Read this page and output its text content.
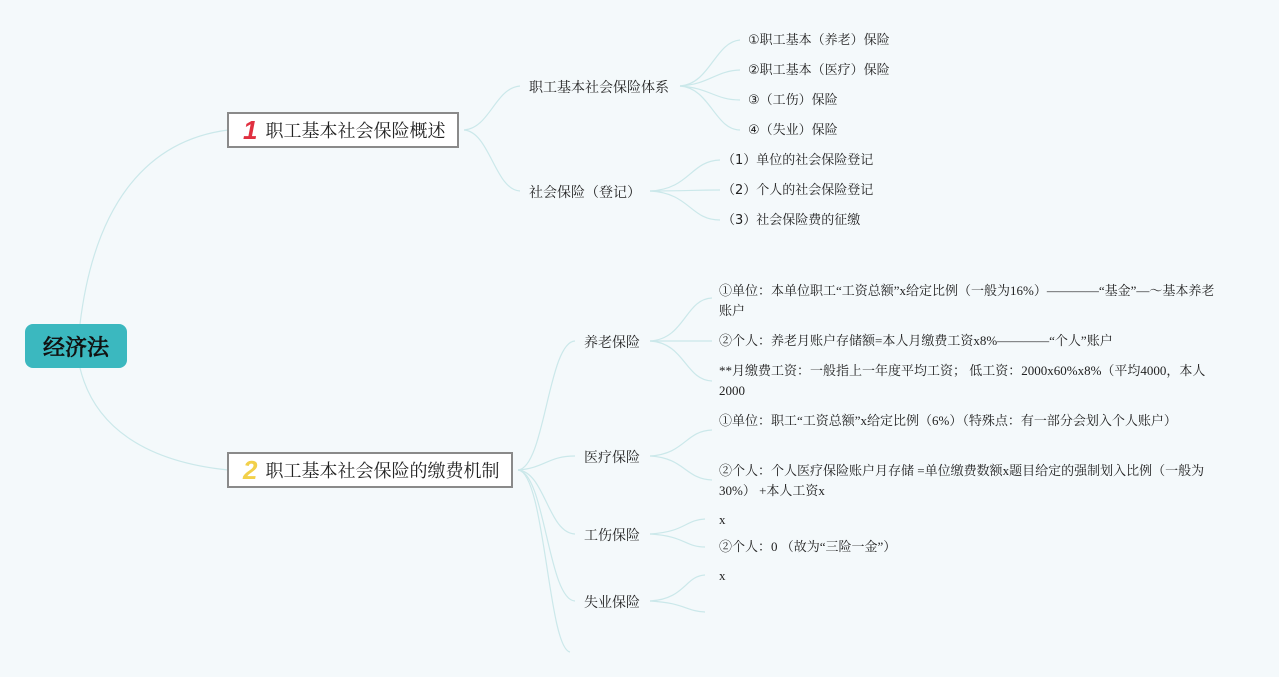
经济法
1 职工基本社会保险概述
职工基本社会保险体系
①职工基本（养老）保险
②职工基本（医疗）保险
③（工伤）保险
④（失业）保险
社会保险（登记）
（1）单位的社会保险登记
（2）个人的社会保险登记
（3）社会保险费的征缴
2 职工基本社会保险的缴费机制
养老保险
①单位：本单位职工“工资总额”x给定比例（一般为16%）————“基金”—～基本养老账户
②个人：养老月账户存储额=本人月缴费工资x8%————“个人”账户
**月缴费工资：一般指上一年度平均工资； 低工资：2000x60%x8%（平均4000，本人2000
医疗保险
①单位：职工“工资总额”x给定比例（6%）（特殊点：有一部分会划入个人账户）
②个人：个人医疗保险账户月存储 =单位缴费数额x题目给定的强制划入比例（一般为30%） +本人工资x
工伤保险
x
②个人：0 （故为“三险一金”）
失业保险
x
